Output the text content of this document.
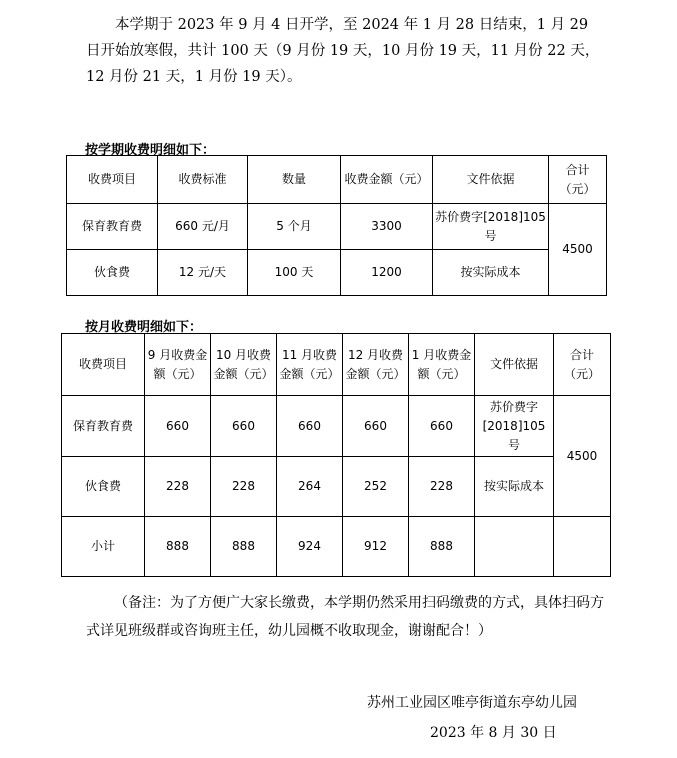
本学期于 2023 年 9 月 4 日开学，至 2024 年 1 月 28 日结束，1 月 29 日开始放寒假，共计 100 天（9 月份 19 天，10 月份 19 天，11 月份 22 天，12 月份 21 天，1 月份 19 天）。

按学期收费明细如下：
收费项目	收费标准	数量	收费金额（元）	文件依据	合计（元）
保育教育费	660 元/月	5 个月	3300	苏价费字[2018]105 号	4500
伙食费	12 元/天	100 天	1200	按实际成本	
按月收费明细如下：
收费项目	9 月收费金额（元）	10 月收费金额（元）	11 月收费金额（元）	12 月收费金额（元）	1 月收费金额（元）	文件依据	合计（元）
保育教育费	660	660	660	660	660	苏价费字[2018]105 号	4500
伙食费	228	228	264	252	228	按实际成本	
小计	888	888	924	912	888		

（备注：为了方便广大家长缴费，本学期仍然采用扫码缴费的方式，具体扫码方式详见班级群或咨询班主任，幼儿园概不收取现金，谢谢配合！）

苏州工业园区唯亭街道东亭幼儿园
2023 年 8 月 30 日
